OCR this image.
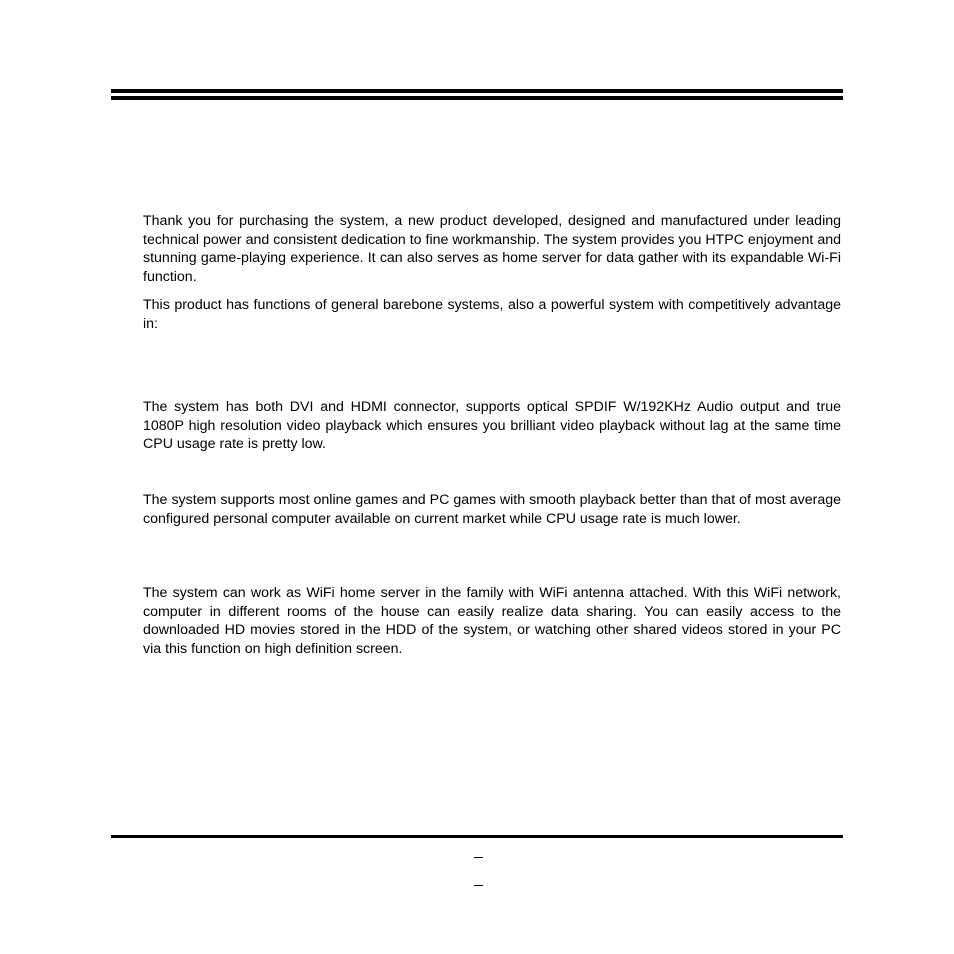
Thank you for purchasing the system, a new product developed, designed and manufactured under leading technical power and consistent dedication to fine workmanship. The system provides you HTPC enjoyment and stunning game-playing experience. It can also serves as home server for data gather with its expandable Wi-Fi function.

This product has functions of general barebone systems, also a powerful system with competitively advantage in:

The system has both DVI and HDMI connector, supports optical SPDIF W/192KHz Audio output and true 1080P high resolution video playback which ensures you brilliant video playback without lag at the same time CPU usage rate is pretty low.

The system supports most online games and PC games with smooth playback better than that of most average configured personal computer available on current market while CPU usage rate is much lower.

The system can work as WiFi home server in the family with WiFi antenna attached. With this WiFi network, computer in different rooms of the house can easily realize data sharing. You can easily access to the downloaded HD movies stored in the HDD of the system, or watching other shared videos stored in your PC via this function on high definition screen.
